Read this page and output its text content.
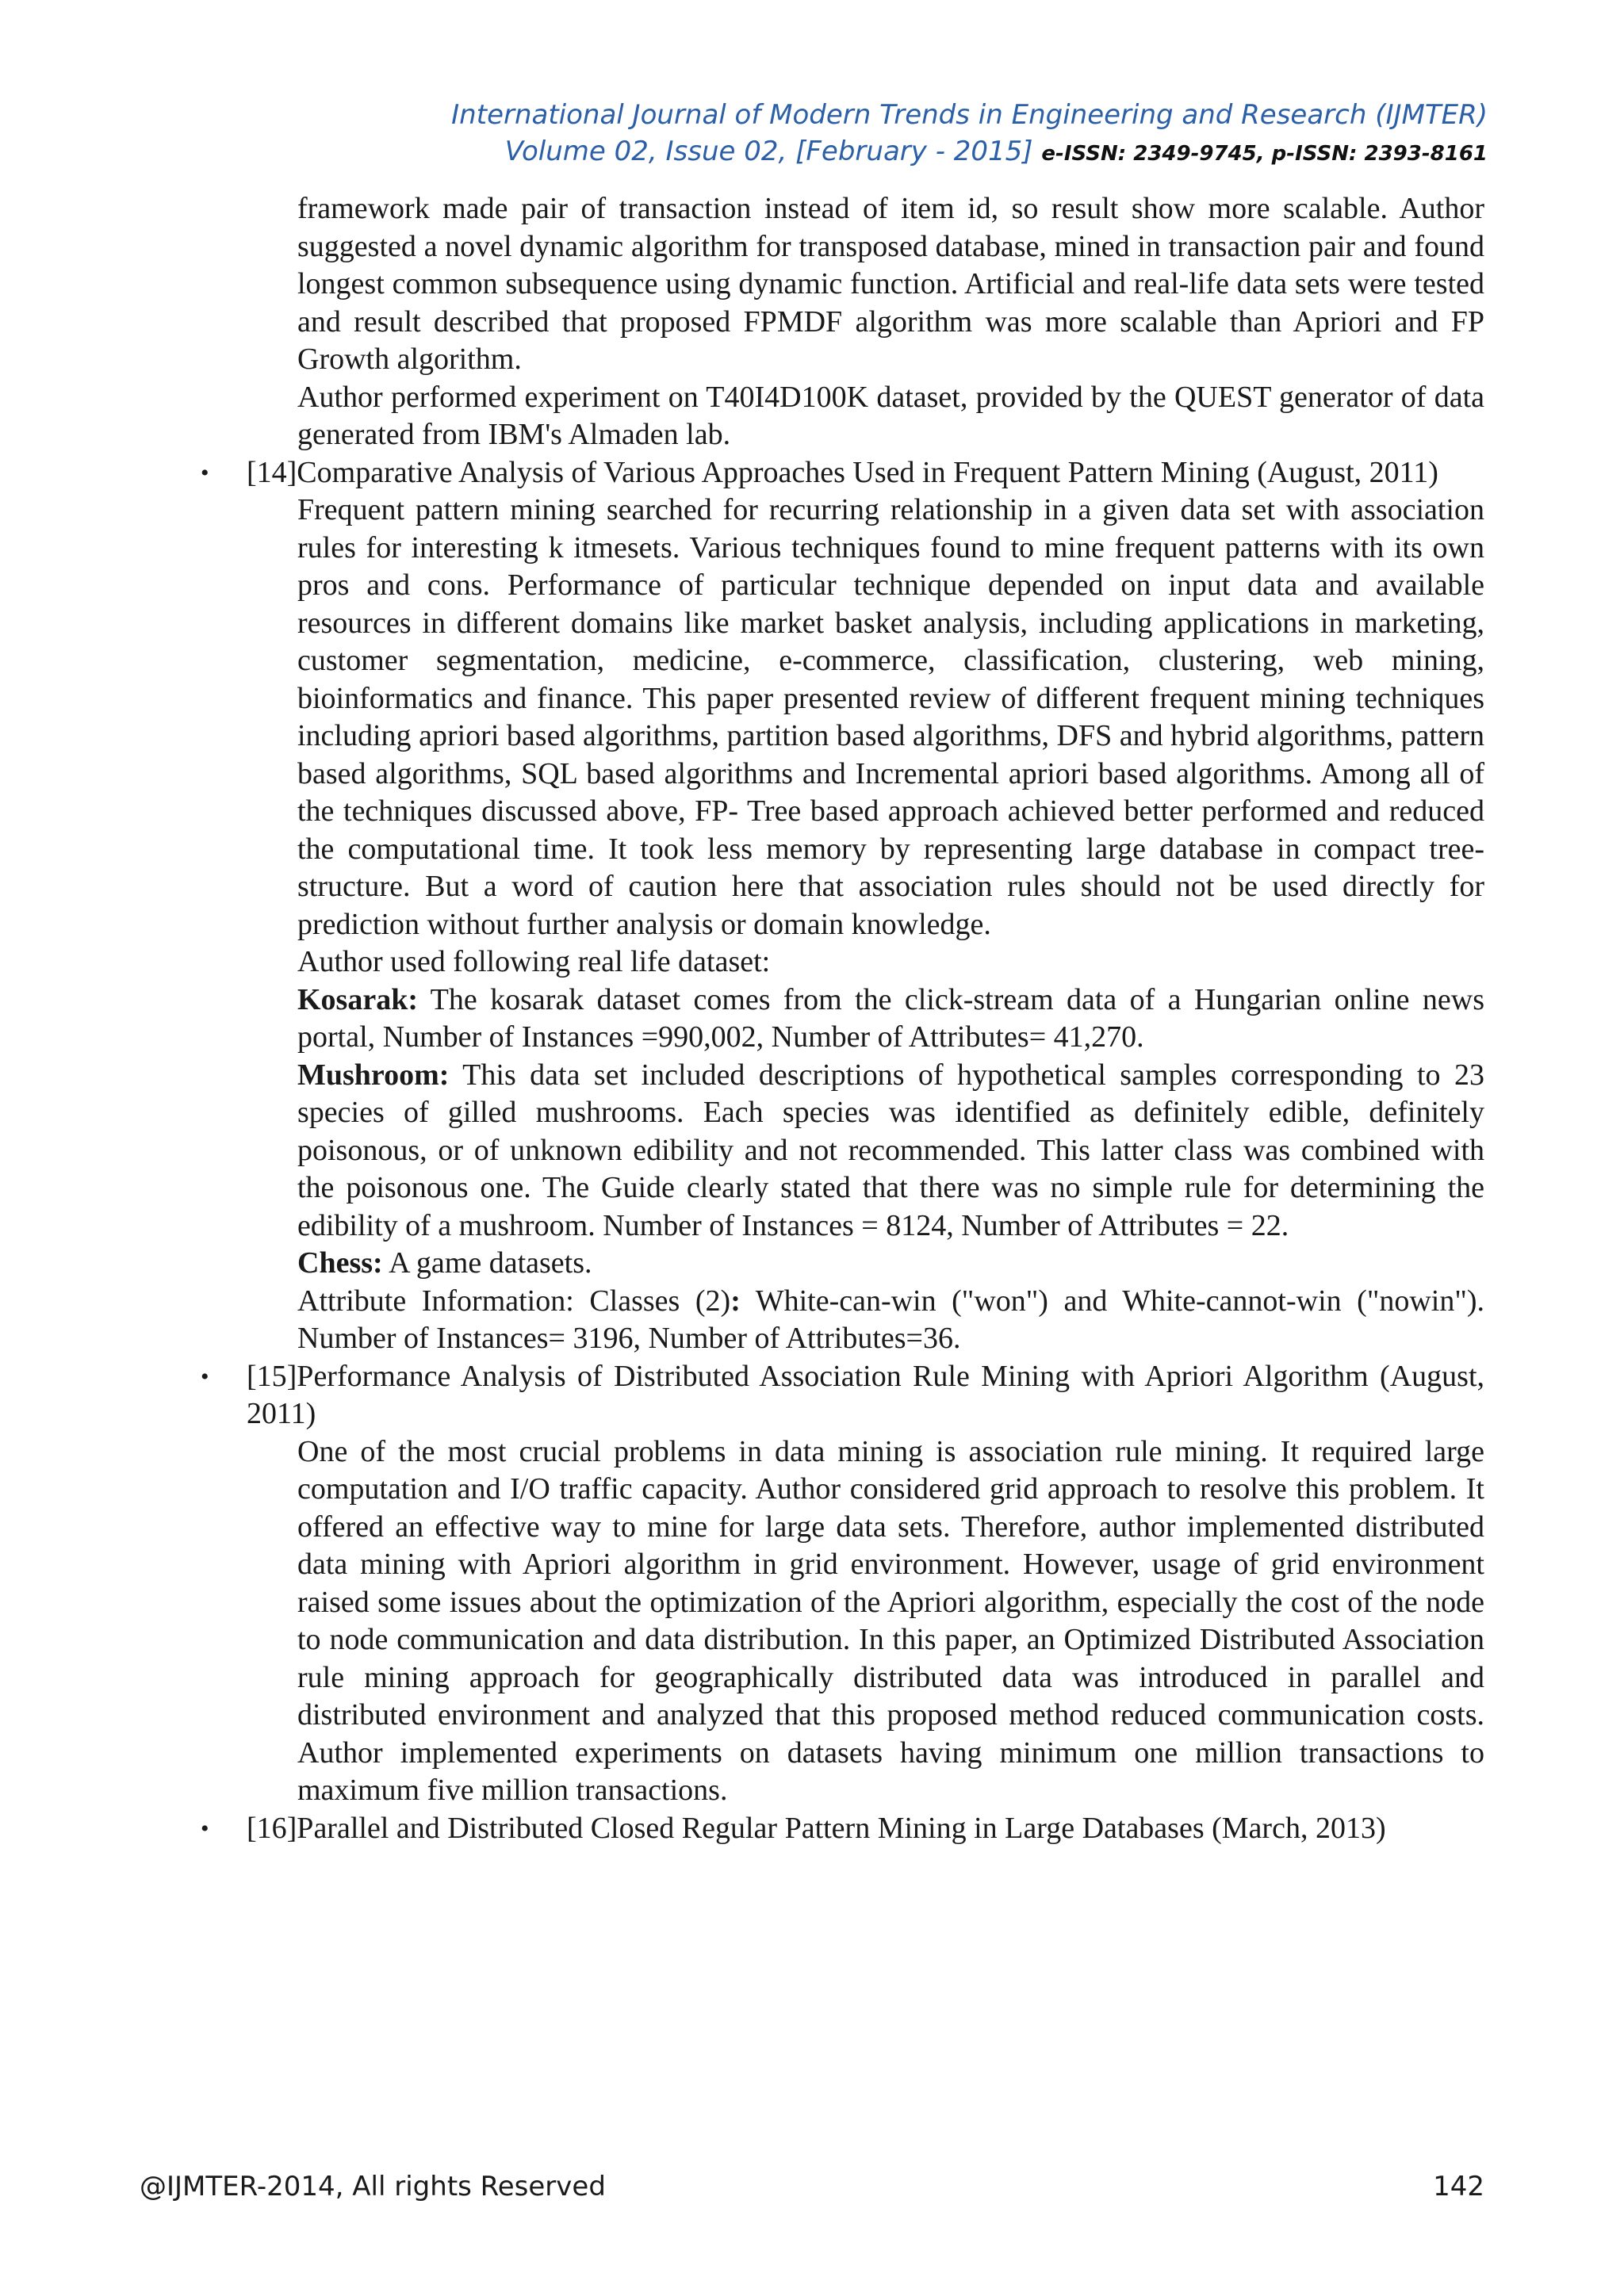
International Journal of Modern Trends in Engineering and Research (IJMTER)
Volume 02, Issue 02, [February - 2015] e-ISSN: 2349-9745, p-ISSN: 2393-8161

framework made pair of transaction instead of item id, so result show more scalable. Author suggested a novel dynamic algorithm for transposed database, mined in transaction pair and found longest common subsequence using dynamic function. Artificial and real-life data sets were tested and result described that proposed FPMDF algorithm was more scalable than Apriori and FP Growth algorithm.

Author performed experiment on T40I4D100K dataset, provided by the QUEST generator of data generated from IBM's Almaden lab.

• [14]Comparative Analysis of Various Approaches Used in Frequent Pattern Mining (August, 2011)

Frequent pattern mining searched for recurring relationship in a given data set with association rules for interesting k itmesets. Various techniques found to mine frequent patterns with its own pros and cons. Performance of particular technique depended on input data and available resources in different domains like market basket analysis, including applications in marketing, customer segmentation, medicine, e-commerce, classification, clustering, web mining, bioinformatics and finance. This paper presented review of different frequent mining techniques including apriori based algorithms, partition based algorithms, DFS and hybrid algorithms, pattern based algorithms, SQL based algorithms and Incremental apriori based algorithms. Among all of the techniques discussed above, FP- Tree based approach achieved better performed and reduced the computational time. It took less memory by representing large database in compact tree-structure. But a word of caution here that association rules should not be used directly for prediction without further analysis or domain knowledge.

Author used following real life dataset:

Kosarak: The kosarak dataset comes from the click-stream data of a Hungarian online news portal, Number of Instances =990,002, Number of Attributes= 41,270.

Mushroom: This data set included descriptions of hypothetical samples corresponding to 23 species of gilled mushrooms. Each species was identified as definitely edible, definitely poisonous, or of unknown edibility and not recommended. This latter class was combined with the poisonous one. The Guide clearly stated that there was no simple rule for determining the edibility of a mushroom. Number of Instances = 8124, Number of Attributes = 22.

Chess: A game datasets.

Attribute Information: Classes (2): White-can-win ("won") and White-cannot-win ("nowin"). Number of Instances= 3196, Number of Attributes=36.

• [15]Performance Analysis of Distributed Association Rule Mining with Apriori Algorithm (August, 2011)

One of the most crucial problems in data mining is association rule mining. It required large computation and I/O traffic capacity. Author considered grid approach to resolve this problem. It offered an effective way to mine for large data sets. Therefore, author implemented distributed data mining with Apriori algorithm in grid environment. However, usage of grid environment raised some issues about the optimization of the Apriori algorithm, especially the cost of the node to node communication and data distribution. In this paper, an Optimized Distributed Association rule mining approach for geographically distributed data was introduced in parallel and distributed environment and analyzed that this proposed method reduced communication costs. Author implemented experiments on datasets having minimum one million transactions to maximum five million transactions.

• [16]Parallel and Distributed Closed Regular Pattern Mining in Large Databases (March, 2013)
@IJMTER-2014, All rights Reserved	142
